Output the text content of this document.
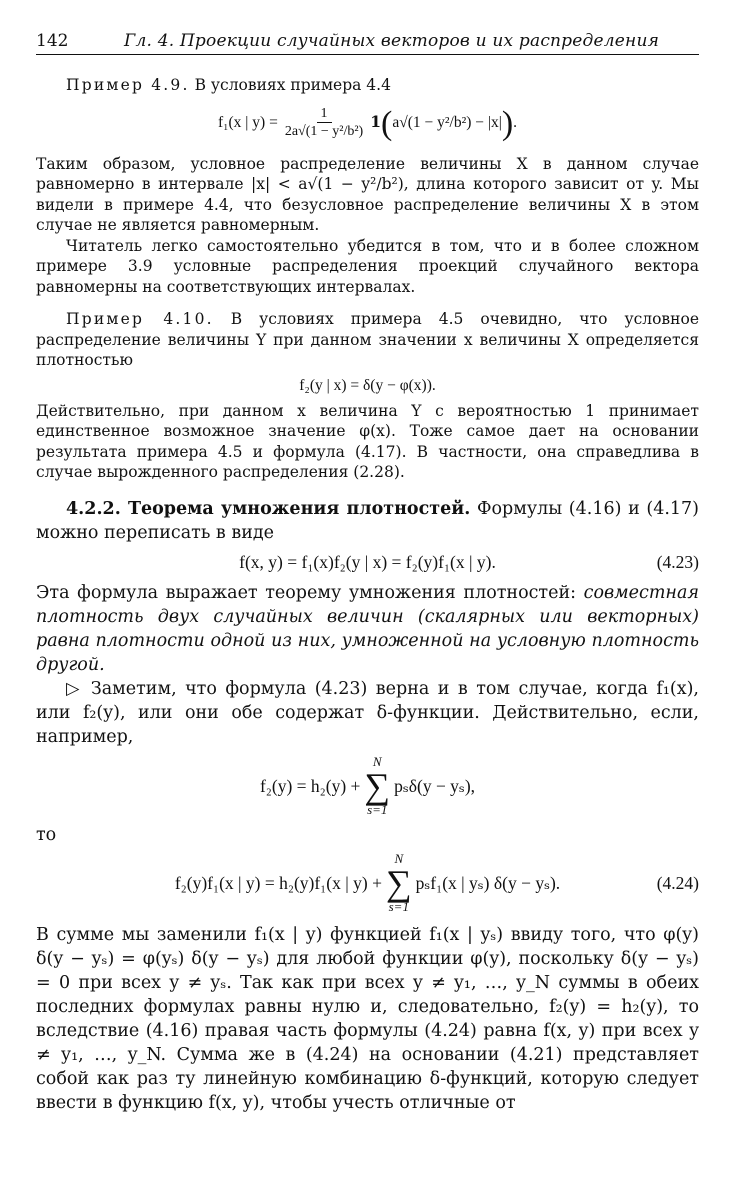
142	Гл. 4. Проекции случайных векторов и их распределения

Пример 4.9. В условиях примера 4.4

f₁(x | $y) = \frac{1}{\text{2a√(1 − y²/b²)}}$ 𝟏 ( a√(1 − y²/b²) − |x| ) .

Таким образом, условное распределение величины X в данном случае равномерно в интервале |x| < a√(1 − y²/b²), длина которого зависит от y. Мы видели в примере 4.4, что безусловное распределение величины X в этом случае не является равномерным.

Читатель легко самостоятельно убедится в том, что и в более сложном примере 3.9 условные распределения проекций случайного вектора равномерны на соответствующих интервалах.

Пример 4.10. В условиях примера 4.5 очевидно, что условное распределение величины Y при данном значении x величины X определяется плотностью

f₂(y | x) = δ(y − φ(x)).

Действительно, при данном x величина Y с вероятностью 1 принимает единственное возможное значение φ(x). Тоже самое дает на основании результата примера 4.5 и формула (4.17). В частности, она справедлива в случае вырожденного распределения (2.28).

4.2.2. Теорема умножения плотностей. Формулы (4.16) и (4.17) можно переписать в виде

f(x, y) = f₁(x)f₂(y | x) = f₂(y)f₁(x | y).	(4.23)

Эта формула выражает теорему умножения плотностей: совместная плотность двух случайных величин (скалярных или векторных) равна плотности одной из них, умноженной на условную плотность другой.

▷ Заметим, что формула (4.23) верна и в том случае, когда f₁(x), или f₂(y), или они обе содержат δ-функции. Действительно, если, например,

f₂(y) = h₂(y) +
N
∑
s=1
pₛδ(y − yₛ),

то

f₂(y)f₁(x | y) = h₂(y)f₁(x | y) +
N
∑
s=1
pₛf₁(x | yₛ) δ(y − yₛ).	(4.24)

В сумме мы заменили f₁(x | y) функцией f₁(x | yₛ) ввиду того, что φ(y) δ(y − yₛ) = φ(yₛ) δ(y − yₛ) для любой функции φ(y), поскольку δ(y − yₛ) = 0 при всех y ≠ yₛ. Так как при всех y ≠ y₁, …, y_N суммы в обеих последних формулах равны нулю и, следовательно, f₂(y) = h₂(y), то вследствие (4.16) правая часть формулы (4.24) равна f(x, y) при всех y ≠ y₁, …, y_N. Сумма же в (4.24) на основании (4.21) представляет собой как раз ту линейную комбинацию δ-функций, которую следует ввести в функцию f(x, y), чтобы учесть отличные от
